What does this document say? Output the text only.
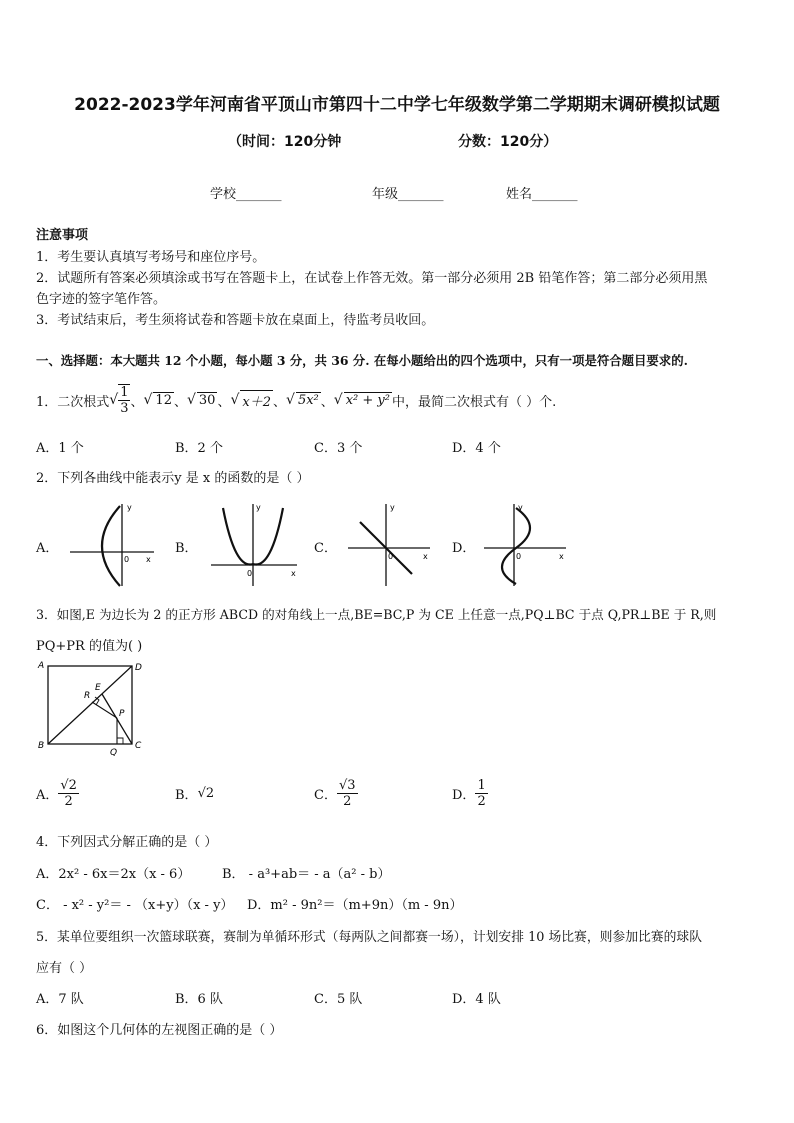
2022-2023学年河南省平顶山市第四十二中学七年级数学第二学期期末调研模拟试题
（时间：120分钟	分数：120分）
学校_______	年级_______	姓名_______
注意事项
1．考生要认真填写考场号和座位序号。
2．试题所有答案必须填涂或书写在答题卡上，在试卷上作答无效。第一部分必须用 2B 铅笔作答；第二部分必须用黑
色字迹的签字笔作答。
3．考试结束后，考生须将试卷和答题卡放在桌面上，待监考员收回。
一、选择题：本大题共 12 个小题，每小题 3 分，共 36 分. 在每小题给出的四个选项中，只有一项是符合题目要求的.
1．二次根式 √ $\frac{1}{3}$ 、 √ 12 、 √ 30 、 √ x＋2 、 √ 5x² 、 √ x² + y² 中，最简二次根式有（ ）个.
A．1 个	B．2 个	C．3 个	D．4 个
2．下列各曲线中能表示y 是 x 的函数的是（ ）
A．	B．	C．	D．
0
y
x
0
y
x
0
y
x	0
y
x
3．如图,E 为边长为 2 的正方形 ABCD 的对角线上一点,BE=BC,P 为 CE 上任意一点,PQ⊥BC 于点 Q,PR⊥BE 于 R,则
PQ+PR 的值为( )
A	D
B	C
E
R
P
Q
A． $\frac{√2}{2}$	B． √2	C． $\frac{√3}{2}$	D． $\frac{1}{2}$
4．下列因式分解正确的是（ ）
A．2x² - 6x＝2x（x - 6） B． - a³+ab＝ - a（a² - b）
C． - x² - y²＝ - （x+y）（x - y） D．m² - 9n²＝（m+9n）（m - 9n）
5．某单位要组织一次篮球联赛，赛制为单循环形式（每两队之间都赛一场），计划安排 10 场比赛，则参加比赛的球队
应有（ ）
A．7 队	B．6 队	C．5 队	D．4 队
6．如图这个几何体的左视图正确的是（ ）
